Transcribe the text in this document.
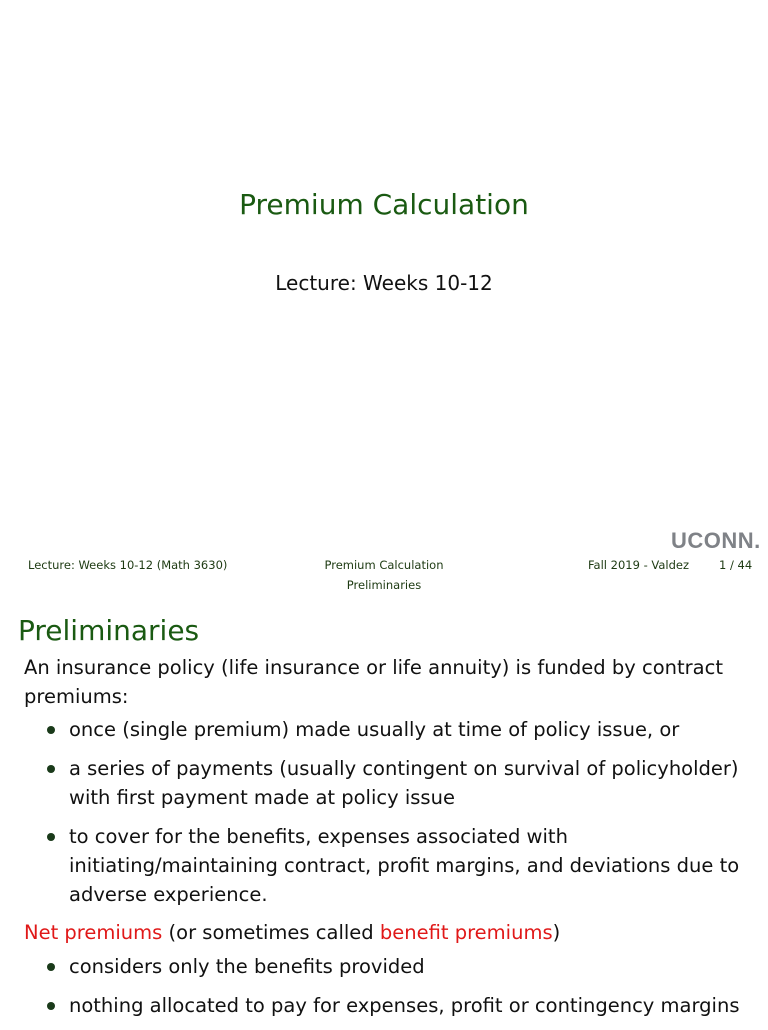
Premium Calculation
Lecture: Weeks 10-12
UCONN.
Lecture: Weeks 10-12 (Math 3630)	Premium Calculation	Fall 2019 - Valdez	1 / 44
Preliminaries
Preliminaries
An insurance policy (life insurance or life annuity) is funded by contract premiums:
once (single premium) made usually at time of policy issue, or
a series of payments (usually contingent on survival of policyholder) with first payment made at policy issue
to cover for the benefits, expenses associated with initiating/maintaining contract, profit margins, and deviations due to adverse experience.
Net premiums (or sometimes called benefit premiums)
considers only the benefits provided
nothing allocated to pay for expenses, profit or contingency margins
